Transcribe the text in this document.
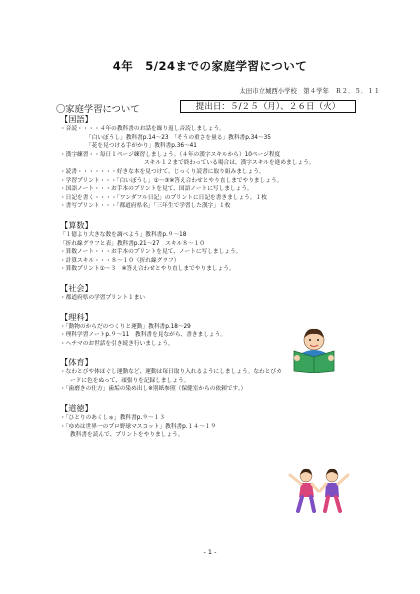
4年　5/24までの家庭学習について
太田市立城西小学校　第４学年　Ｒ２．５．１１
〇家庭学習について	提出日：５/２５（月）、２６日（火）

【国語】

・音読・・・・４年の教科書のお話を繰り返し音読しましょう。

「白いぼうし」教科書p.14～23　「そうの重さを量る」教科書p.34～35

「花を見つける手がかり」教科書p.36～41

・漢字練習・・毎日１ページ練習しましょう。（４年の漢字スキルから）10ページ程度

スキル１２まで終わっている場合は、漢字スキルを進めましょう。

・読書・・・・・・・好きな本を見つけて、じっくり読書に取り組みましょう。

・学習プリント・・・「白いぼうし」①～③※答え合わせとやり直しまでやりましょう。

・国語ノート・・・お手本のプリントを見て、国語ノートに写しましょう。

・日記を書く・・・・「ワンダフル日記」のプリントに日記を書きましょう。１枚

・書写プリント・・・「都道府県名」「三年生で学習した漢字」１枚

【算数】

「１億より大きな数を調べよう」教科書p.９～18

「折れ線グラフと表」教科書p.21～27　スキル８～１０

・算数ノート・・・お手本のプリントを見て、ノートに写しましょう。

・計算スキル・・・８～１０（折れ線グラフ）

・算数プリント①～３　※答え合わせとやり直しまでやりましょう。

【社会】

・都道府県の学習プリント１まい

【理科】

・「動物のからだのつくりと運動」教科書p.18～29

・理科学習ノートp.９～11　教科書を見ながら、書きましょう。

・ヘチマのお世話を引き続き行いましょう。

【体育】

・なわとびや体ほぐし運動など、運動は毎日取り入れるようにしましょう。なわとびカ

ードに色をぬって、頑張りを記録しましょう。

・「歯磨きの仕方」歯垢の染め出し※別紙参照（保健室からの依頼です。）

【道徳】

・「ひとりのあくしゅ」教科書p.９～１３

・「ゆめは世界一のプロ野球マスコット」教科書p.１４～１９

教科書を読んで、プリントをやりましょう。

- 1 -
